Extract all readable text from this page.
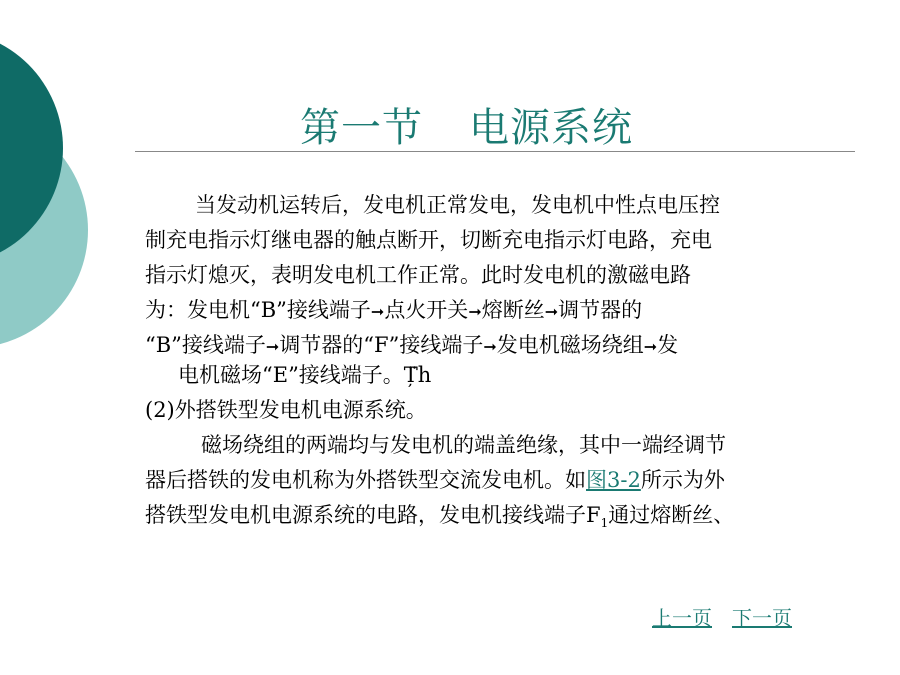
第一节 电源系统
当发动机运转后，发电机正常发电，发电机中性点电压控
制充电指示灯继电器的触点断开，切断充电指示灯电路，充电
指示灯熄灭，表明发电机工作正常。此时发电机的激磁电路
为：发电机“B”接线端子➞点火开关➞熔断丝➞调节器的
“B”接线端子➞调节器的“F”接线端子➞发电机磁场绕组➞发
电机磁场“E”接线端子。Ț̈h
(2)外搭铁型发电机电源系统。
磁场绕组的两端均与发电机的端盖绝缘，其中一端经调节
器后搭铁的发电机称为外搭铁型交流发电机。如图3-2所示为外
搭铁型发电机电源系统的电路，发电机接线端子$F_1$通过熔断丝、
上一页 下一页
